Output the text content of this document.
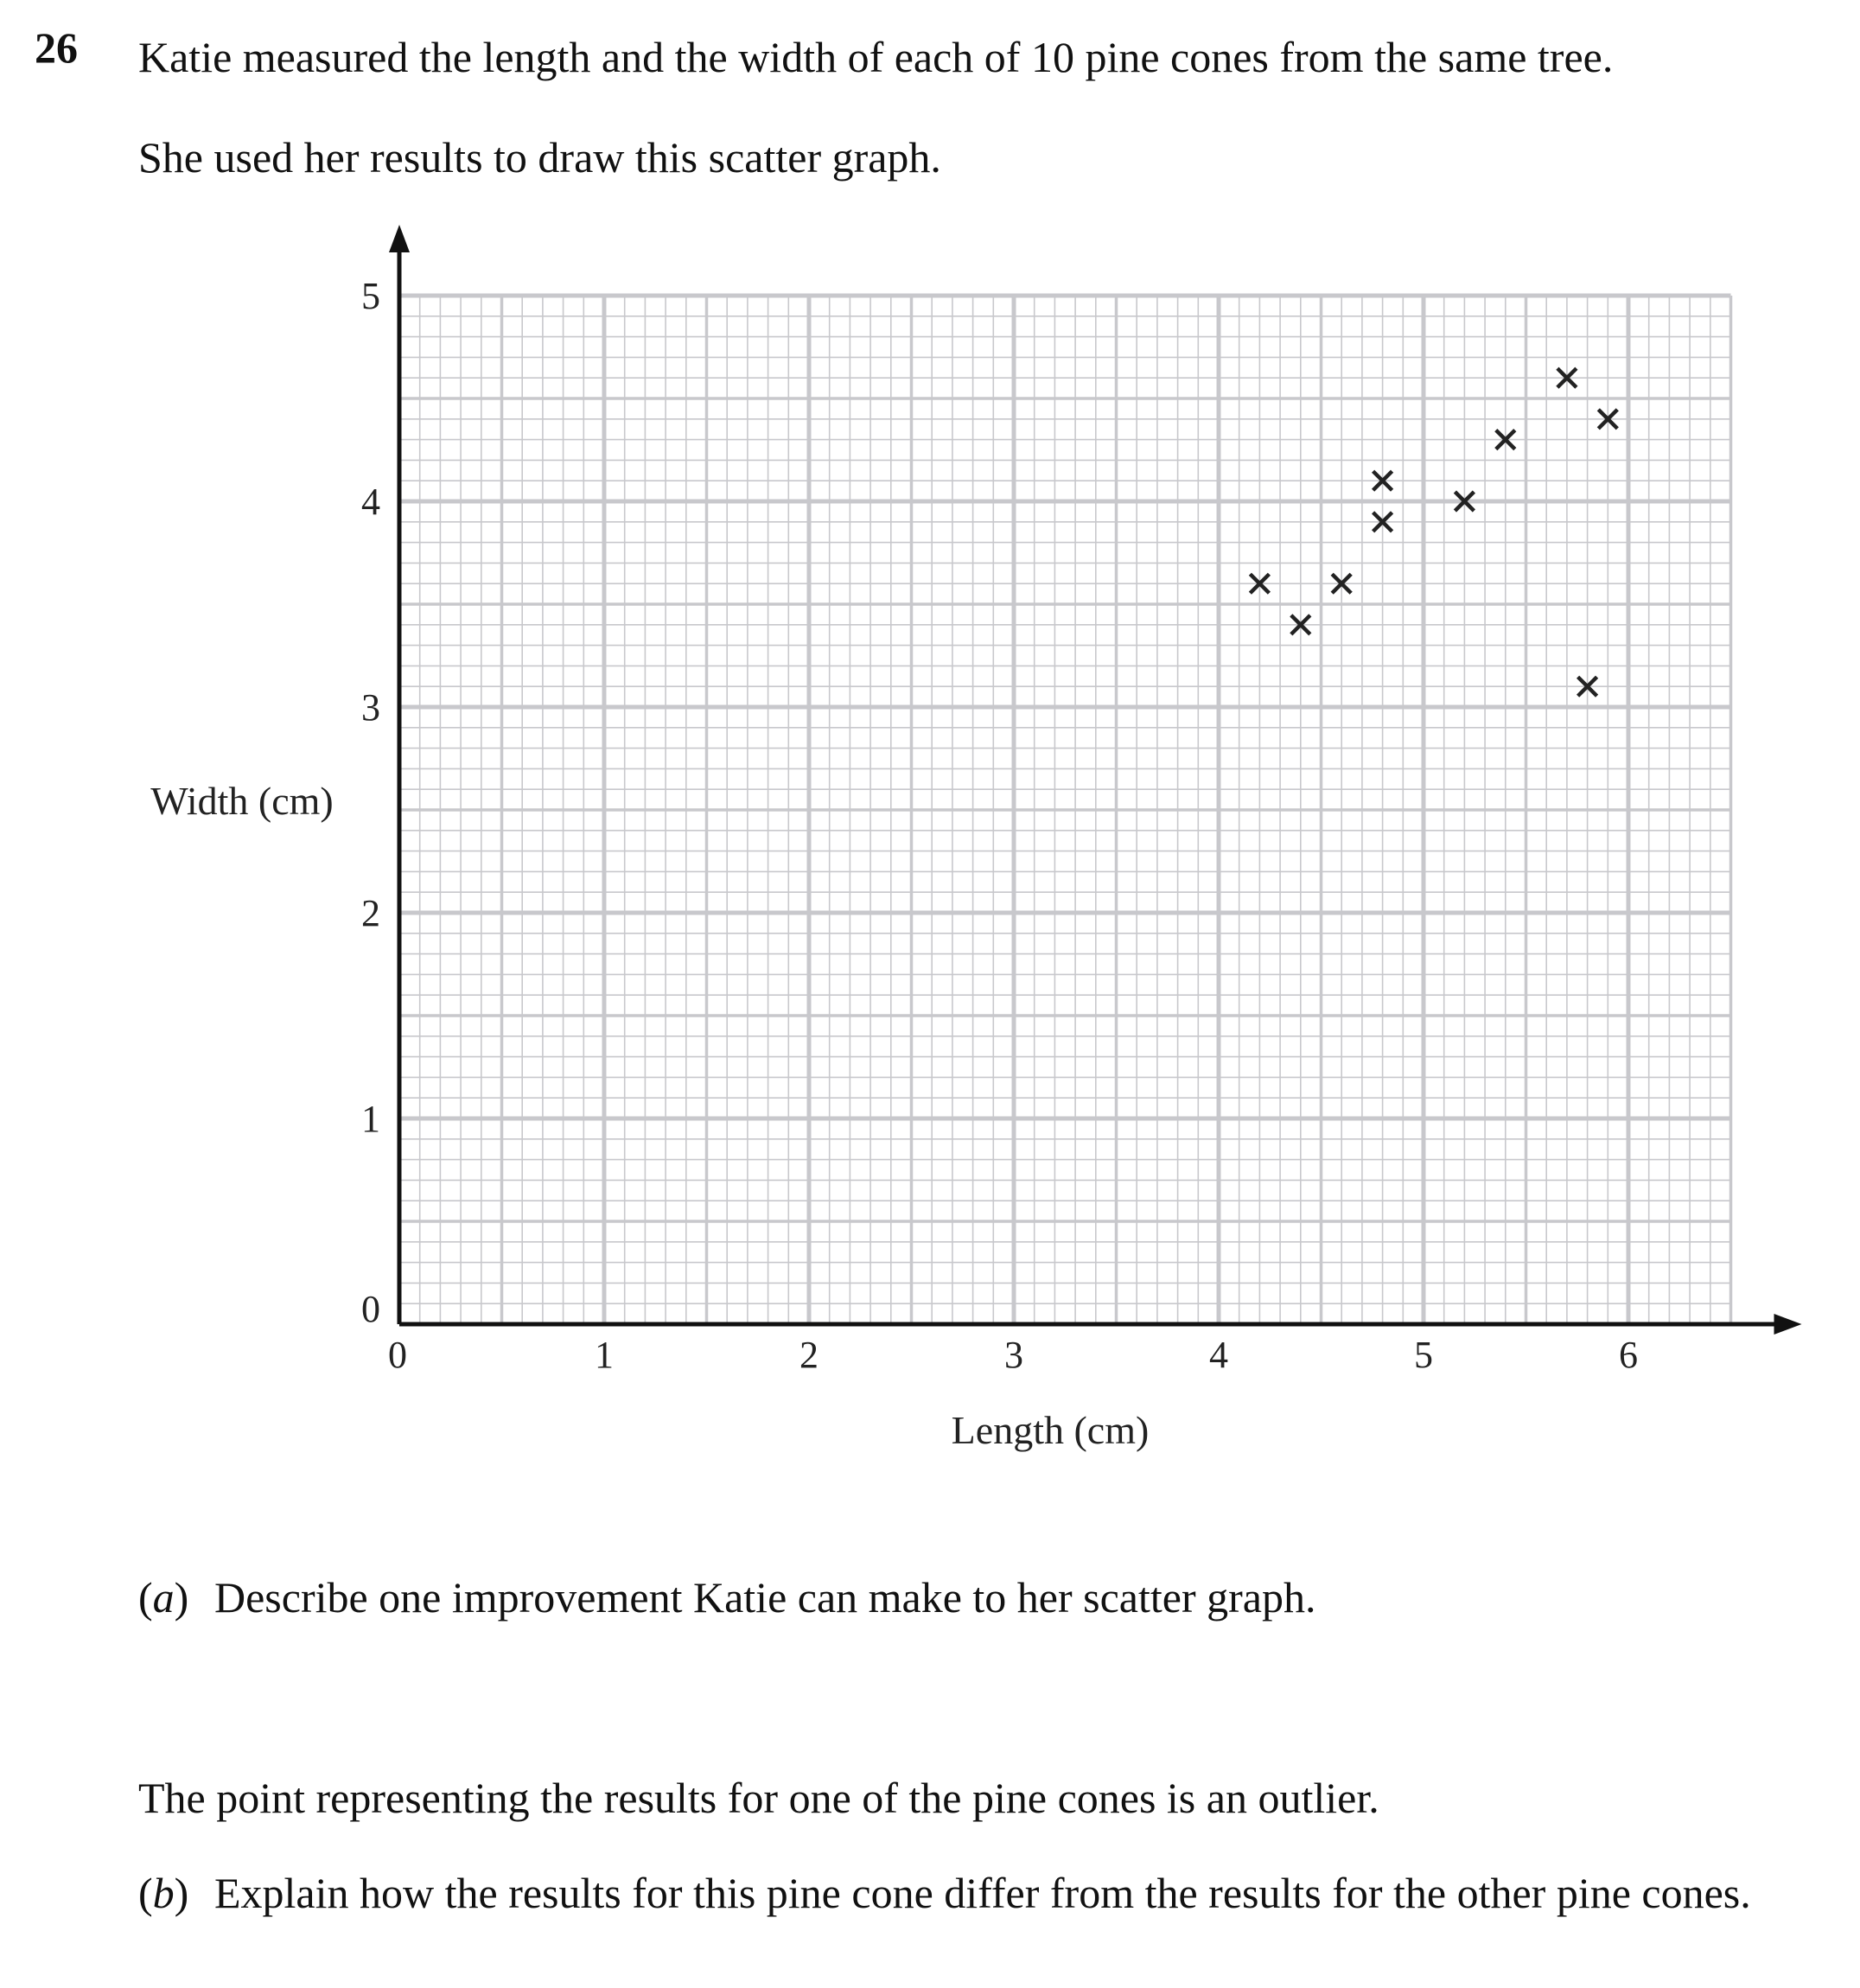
26 Katie measured the length and the width of each of 10 pine cones from the same tree.
She used her results to draw this scatter graph.
0	1	2	3	4	5	6
0
1
2
3
4
5
Width (cm)
Length (cm)
(a) Describe one improvement Katie can make to her scatter graph.
The point representing the results for one of the pine cones is an outlier.
(b) Explain how the results for this pine cone differ from the results for the other pine cones.
